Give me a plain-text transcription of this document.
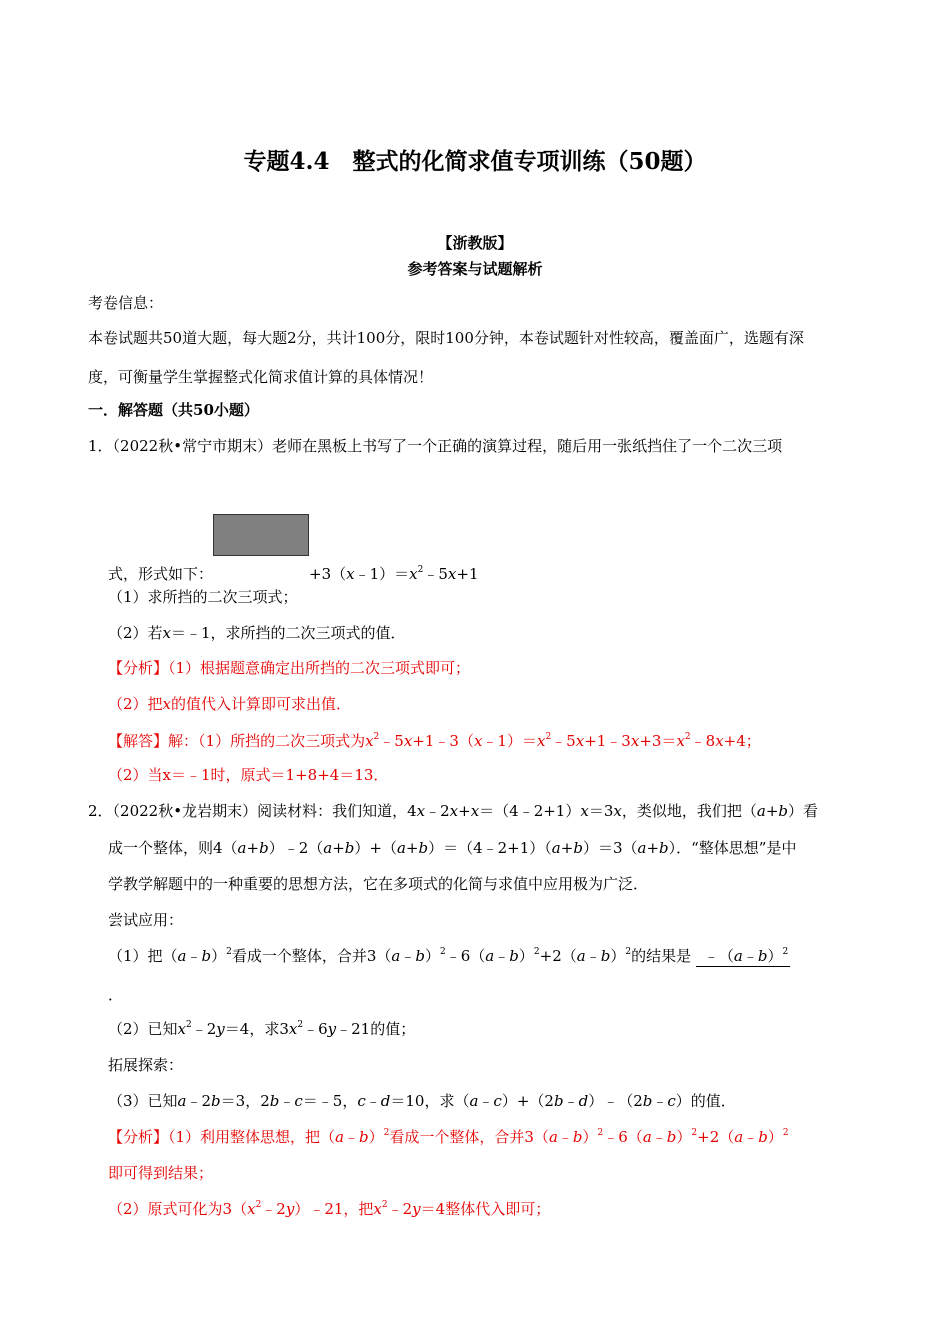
专题4.4　整式的化简求值专项训练（50题）
【浙教版】
参考答案与试题解析
考卷信息：
本卷试题共50道大题，每大题2分，共计100分，限时100分钟，本卷试题针对性较高，覆盖面广，选题有深
度，可衡量学生掌握整式化简求值计算的具体情况！
一．解答题（共50小题）
1．（2022秋•常宁市期末）老师在黑板上书写了一个正确的演算过程，随后用一张纸挡住了一个二次三项
式，形式如下：	$+3(x﹣1)=x^2﹣5x+1$
（1）求所挡的二次三项式；
（2）若x＝﹣1，求所挡的二次三项式的值．
【分析】（1）根据题意确定出所挡的二次三项式即可；
（2）把x的值代入计算即可求出值．
【解答】解：（1）所挡的二次三项式为$x^2﹣5x+1﹣3(x﹣1)=x^2﹣5x+1﹣3x+3=x^2﹣8x+4$；
（2）当x＝﹣1时，原式＝1+8+4＝13．
2．（2022秋•龙岩期末）阅读材料：我们知道，4x﹣2x+x＝（4﹣2+1）x＝3x，类似地，我们把（a+b）看
成一个整体，则4（a+b）﹣2（a+b）+（a+b）＝（4﹣2+1）（a+b）＝3（a+b）．“整体思想”是中
学教学解题中的一种重要的思想方法，它在多项式的化简与求值中应用极为广泛．
尝试应用：
（1）把（a﹣b）$^2$看成一个整体，合并3（a﹣b）$^2$﹣6（a﹣b）$^2$+2（a﹣b）$^2$的结果是 ﹣（a﹣b）$^2$
．
（2）已知$x^2﹣2y=4$，求$3x^2﹣6y﹣21$的值；
拓展探索：
（3）已知a﹣2b＝3，2b﹣c＝﹣5，c﹣d＝10，求（a﹣c）+（2b﹣d）﹣（2b﹣c）的值．
【分析】（1）利用整体思想，把（a﹣b）$^2$看成一个整体，合并3（a﹣b）$^2$﹣6（a﹣b）$^2$+2（a﹣b）$^2$
即可得到结果；
（2）原式可化为$3(x^2﹣2y)﹣21$，把$x^2﹣2y=4$整体代入即可；
